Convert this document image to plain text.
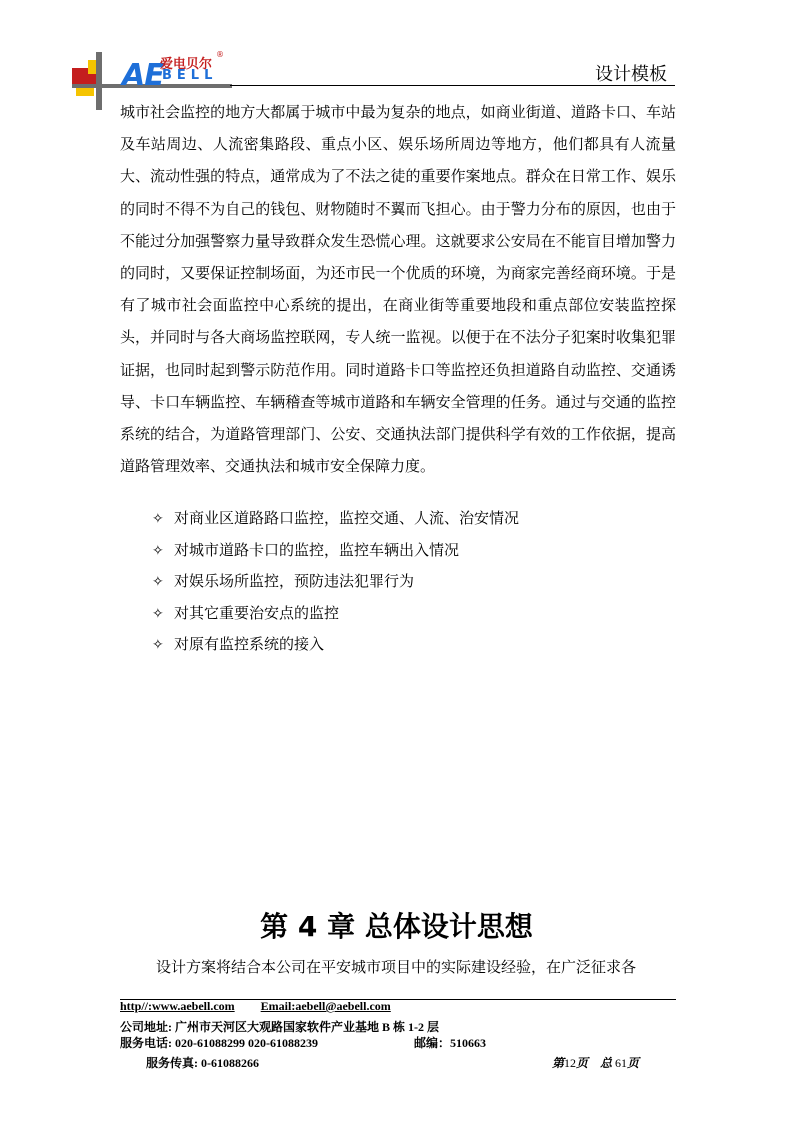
AE
爱电贝尔
BELL
®
设计模板

城市社会监控的地方大都属于城市中最为复杂的地点，如商业街道、道路卡口、车站及车站周边、人流密集路段、重点小区、娱乐场所周边等地方，他们都具有人流量大、流动性强的特点，通常成为了不法之徒的重要作案地点。群众在日常工作、娱乐的同时不得不为自己的钱包、财物随时不翼而飞担心。由于警力分布的原因，也由于不能过分加强警察力量导致群众发生恐慌心理。这就要求公安局在不能盲目增加警力的同时，又要保证控制场面，为还市民一个优质的环境，为商家完善经商环境。于是有了城市社会面监控中心系统的提出，在商业街等重要地段和重点部位安装监控探头，并同时与各大商场监控联网，专人统一监视。以便于在不法分子犯案时收集犯罪证据，也同时起到警示防范作用。同时道路卡口等监控还负担道路自动监控、交通诱导、卡口车辆监控、车辆稽查等城市道路和车辆安全管理的任务。通过与交通的监控系统的结合，为道路管理部门、公安、交通执法部门提供科学有效的工作依据，提高道路管理效率、交通执法和城市安全保障力度。

✧ 对商业区道路路口监控，监控交通、人流、治安情况
✧ 对城市道路卡口的监控，监控车辆出入情况
✧ 对娱乐场所监控，预防违法犯罪行为
✧ 对其它重要治安点的监控
✧ 对原有监控系统的接入
第 4 章 总体设计思想

设计方案将结合本公司在平安城市项目中的实际建设经验，在广泛征求各

http//:www.aebell.com Email:aebell@aebell.com
公司地址: 广州市天河区大观路国家软件产业基地 B 栋 1-2 层
服务电话: 020-61088299 020-61088239	邮编：510663
服务传真: 0-61088266	第12页　总 61页
